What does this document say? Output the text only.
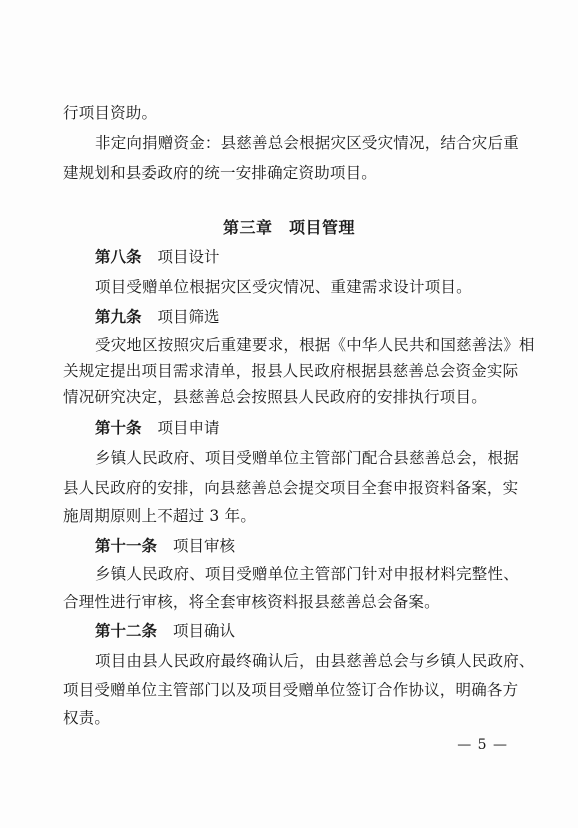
行项目资助。
非定向捐赠资金：县慈善总会根据灾区受灾情况，结合灾后重
建规划和县委政府的统一安排确定资助项目。
第三章　项目管理
第八条 项目设计
项目受赠单位根据灾区受灾情况、重建需求设计项目。
第九条 项目筛选
受灾地区按照灾后重建要求，根据《中华人民共和国慈善法》相
关规定提出项目需求清单，报县人民政府根据县慈善总会资金实际
情况研究决定，县慈善总会按照县人民政府的安排执行项目。
第十条 项目申请
乡镇人民政府、项目受赠单位主管部门配合县慈善总会，根据
县人民政府的安排，向县慈善总会提交项目全套申报资料备案，实
施周期原则上不超过 3 年。
第十一条 项目审核
乡镇人民政府、项目受赠单位主管部门针对申报材料完整性、
合理性进行审核，将全套审核资料报县慈善总会备案。
第十二条 项目确认
项目由县人民政府最终确认后，由县慈善总会与乡镇人民政府、
项目受赠单位主管部门以及项目受赠单位签订合作协议，明确各方
权责。
— 5 —
